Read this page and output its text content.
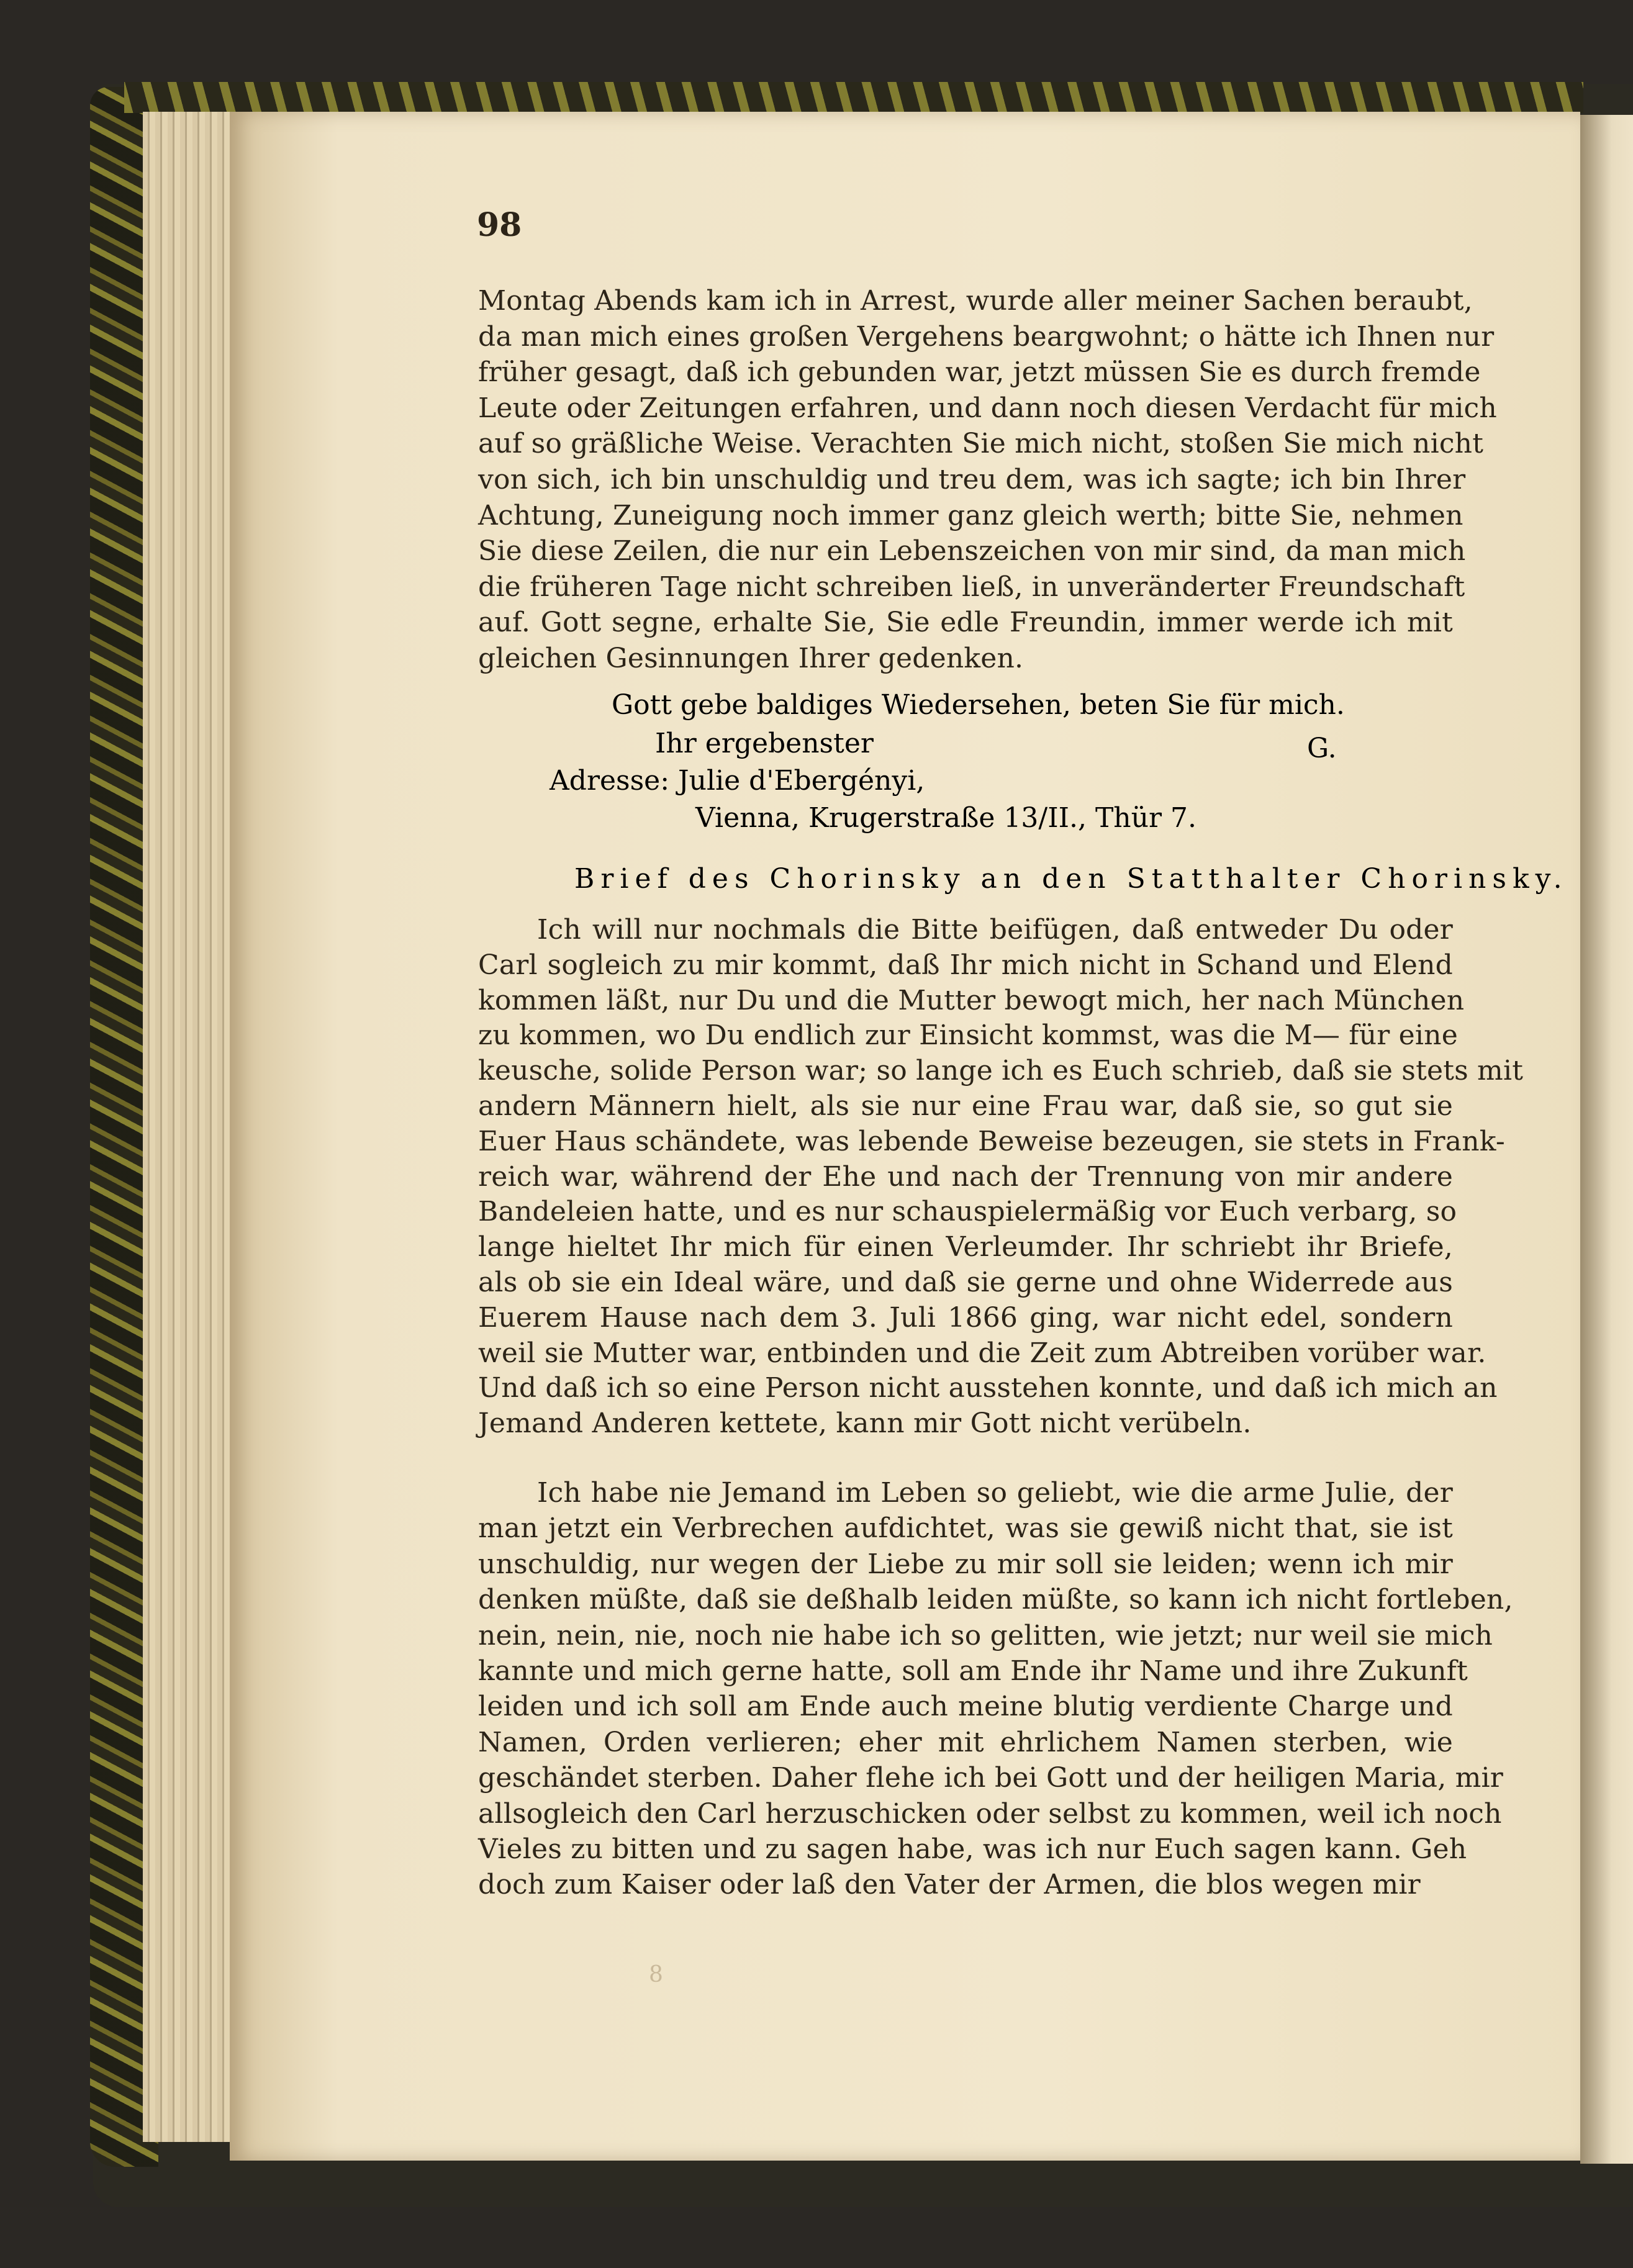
98
Montag Abends kam ich in Arrest, wurde aller meiner Sachen beraubt,
da man mich eines großen Vergehens beargwohnt; o hätte ich Ihnen nur
früher gesagt, daß ich gebunden war, jetzt müssen Sie es durch fremde
Leute oder Zeitungen erfahren, und dann noch diesen Verdacht für mich
auf so gräßliche Weise. Verachten Sie mich nicht, stoßen Sie mich nicht
von sich, ich bin unschuldig und treu dem, was ich sagte; ich bin Ihrer
Achtung, Zuneigung noch immer ganz gleich werth; bitte Sie, nehmen
Sie diese Zeilen, die nur ein Lebenszeichen von mir sind, da man mich
die früheren Tage nicht schreiben ließ, in unveränderter Freundschaft
auf. Gott segne, erhalte Sie, Sie edle Freundin, immer werde ich mit
gleichen Gesinnungen Ihrer gedenken.
Gott gebe baldiges Wiedersehen, beten Sie für mich.
Ihr ergebenster	G.
Adresse: Julie d'Ebergényi,
Vienna, Krugerstraße 13/II., Thür 7.
Brief des Chorinsky an den Statthalter Chorinsky.
Ich will nur nochmals die Bitte beifügen, daß entweder Du oder
Carl sogleich zu mir kommt, daß Ihr mich nicht in Schand und Elend
kommen läßt, nur Du und die Mutter bewogt mich, her nach München
zu kommen, wo Du endlich zur Einsicht kommst, was die M— für eine
keusche, solide Person war; so lange ich es Euch schrieb, daß sie stets mit
andern Männern hielt, als sie nur eine Frau war, daß sie, so gut sie
Euer Haus schändete, was lebende Beweise bezeugen, sie stets in Frank-
reich war, während der Ehe und nach der Trennung von mir andere
Bandeleien hatte, und es nur schauspielermäßig vor Euch verbarg, so
lange hieltet Ihr mich für einen Verleumder. Ihr schriebt ihr Briefe,
als ob sie ein Ideal wäre, und daß sie gerne und ohne Widerrede aus
Euerem Hause nach dem 3. Juli 1866 ging, war nicht edel, sondern
weil sie Mutter war, entbinden und die Zeit zum Abtreiben vorüber war.
Und daß ich so eine Person nicht ausstehen konnte, und daß ich mich an
Jemand Anderen kettete, kann mir Gott nicht verübeln.
Ich habe nie Jemand im Leben so geliebt, wie die arme Julie, der
man jetzt ein Verbrechen aufdichtet, was sie gewiß nicht that, sie ist
unschuldig, nur wegen der Liebe zu mir soll sie leiden; wenn ich mir
denken müßte, daß sie deßhalb leiden müßte, so kann ich nicht fortleben,
nein, nein, nie, noch nie habe ich so gelitten, wie jetzt; nur weil sie mich
kannte und mich gerne hatte, soll am Ende ihr Name und ihre Zukunft
leiden und ich soll am Ende auch meine blutig verdiente Charge und
Namen, Orden verlieren; eher mit ehrlichem Namen sterben, wie
geschändet sterben. Daher flehe ich bei Gott und der heiligen Maria, mir
allsogleich den Carl herzuschicken oder selbst zu kommen, weil ich noch
Vieles zu bitten und zu sagen habe, was ich nur Euch sagen kann. Geh
doch zum Kaiser oder laß den Vater der Armen, die blos wegen mir
8
